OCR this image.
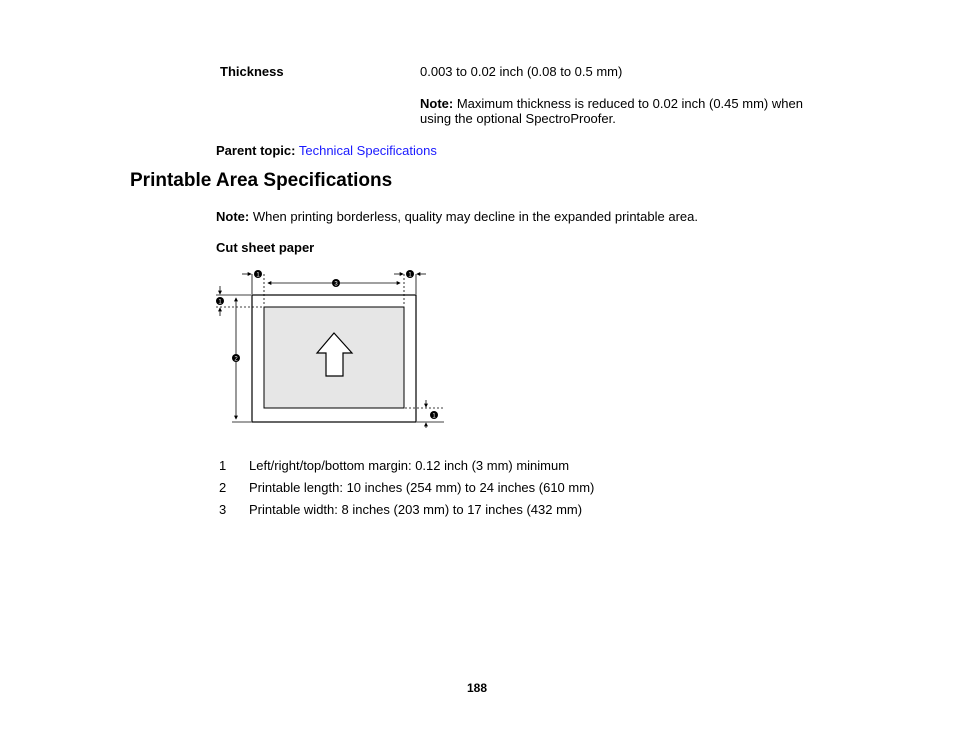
Thickness	0.003 to 0.02 inch (0.08 to 0.5 mm)
Note: Maximum thickness is reduced to 0.02 inch (0.45 mm) when using the optional SpectroProofer.
Parent topic: Technical Specifications
Printable Area Specifications
Note: When printing borderless, quality may decline in the expanded printable area.
Cut sheet paper
1
3
1
1
2
1
1	Left/right/top/bottom margin: 0.12 inch (3 mm) minimum
2	Printable length: 10 inches (254 mm) to 24 inches (610 mm)
3	Printable width: 8 inches (203 mm) to 17 inches (432 mm)
188
